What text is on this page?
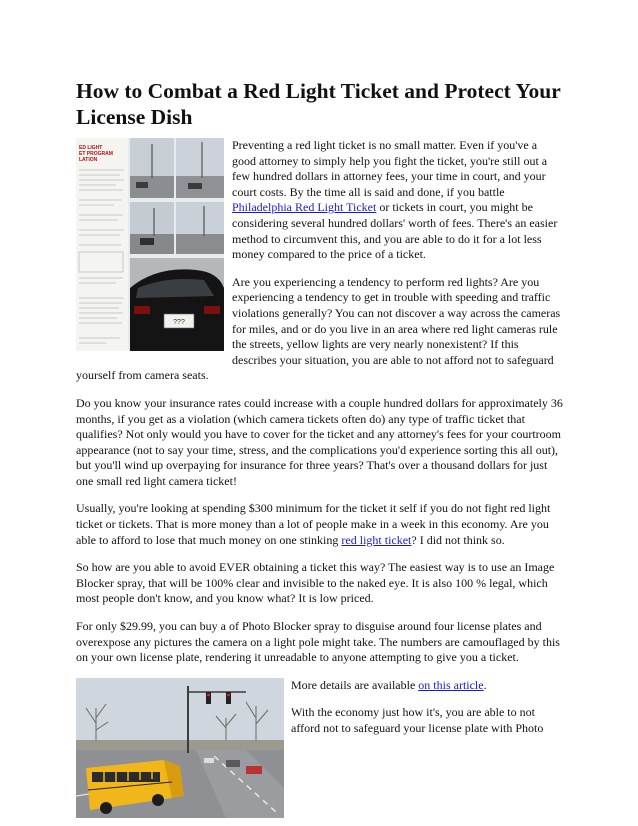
How to Combat a Red Light Ticket and Protect Your License Dish
ED LIGHT
ET PROGRAM
LATION
???

Preventing a red light ticket is no small matter. Even if you've a good attorney to simply help you fight the ticket, you're still out a few hundred dollars in attorney fees, your time in court, and your court costs. By the time all is said and done, if you battle Philadelphia Red Light Ticket or tickets in court, you might be considering several hundred dollars' worth of fees. There's an easier method to circumvent this, and you are able to do it for a lot less money compared to the price of a ticket.

Are you experiencing a tendency to perform red lights? Are you experiencing a tendency to get in trouble with speeding and traffic violations generally? You can not discover a way across the cameras for miles, and or do you live in an area where red light cameras rule the streets, yellow lights are very nearly nonexistent? If this describes your situation, you are able to not afford not to safeguard yourself from camera seats.

Do you know your insurance rates could increase with a couple hundred dollars for approximately 36 months, if you get as a violation (which camera tickets often do) any type of traffic ticket that qualifies? Not only would you have to cover for the ticket and any attorney's fees for your courtroom appearance (not to say your time, stress, and the complications you'd experience sorting this all out), but you'll wind up overpaying for insurance for three years? That's over a thousand dollars for just one small red light camera ticket!

Usually, you're looking at spending $300 minimum for the ticket it self if you do not fight red light ticket or tickets. That is more money than a lot of people make in a week in this economy. Are you able to afford to lose that much money on one stinking red light ticket? I did not think so.

So how are you able to avoid EVER obtaining a ticket this way? The easiest way is to use an Image Blocker spray, that will be 100% clear and invisible to the naked eye. It is also 100 % legal, which most people don't know, and you know what? It is low priced.

For only $29.99, you can buy a of Photo Blocker spray to disguise around four license plates and overexpose any pictures the camera on a light pole might take. The numbers are camouflaged by this on your own license plate, rendering it unreadable to anyone attempting to give you a ticket.

More details are available on this article.

With the economy just how it's, you are able to not afford not to safeguard your license plate with Photo
